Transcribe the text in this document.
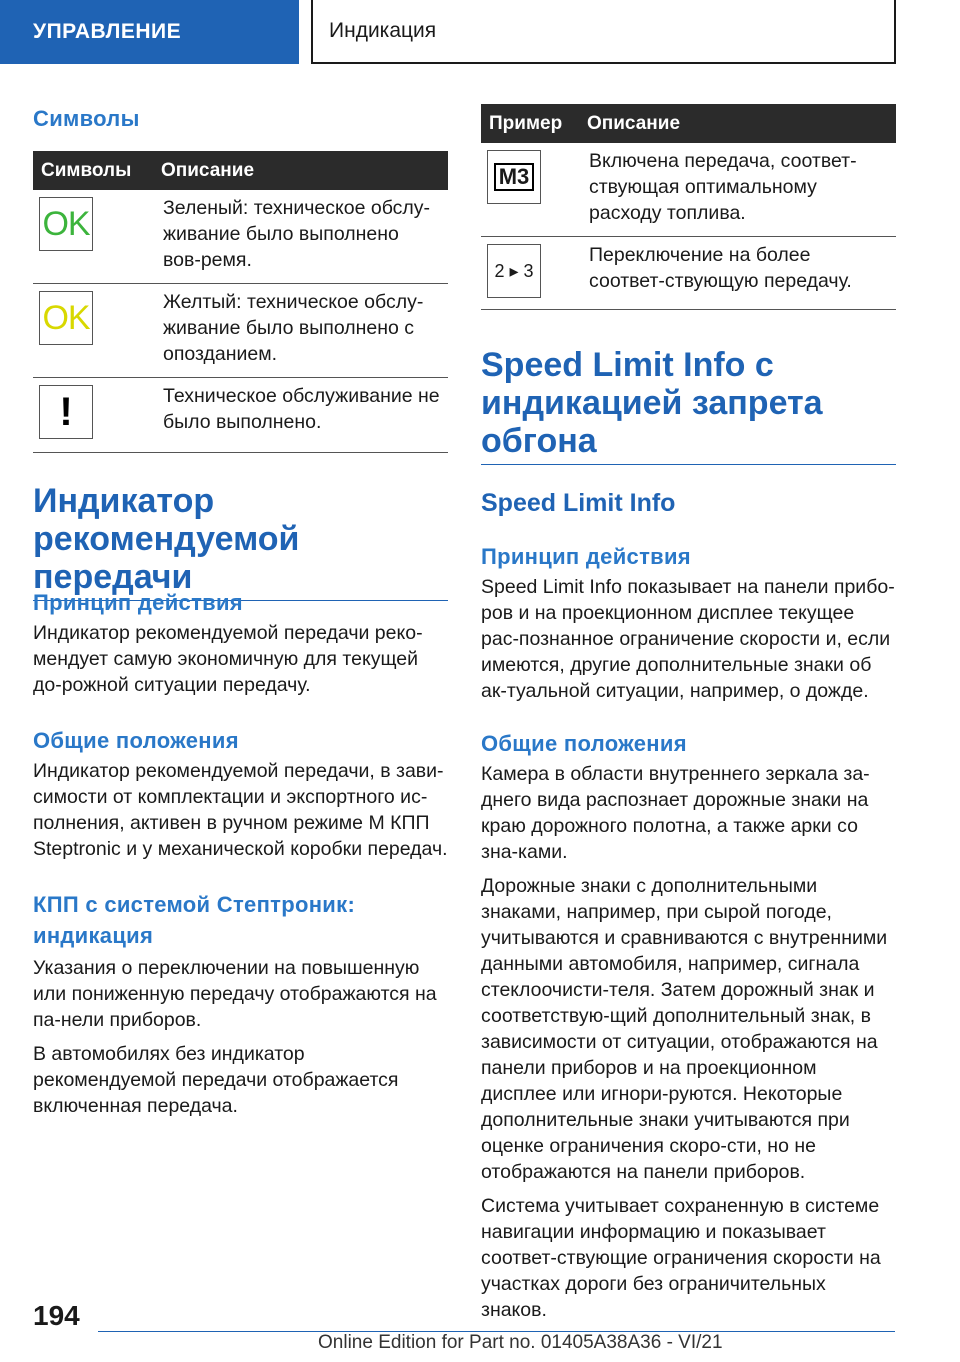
УПРАВЛЕНИЕ	Индикация
Символы
Символы	Описание

OK	Зеленый: техническое обслу-живание было выполнено вов-ремя.

OK	Желтый: техническое обслу-живание было выполнено с опозданием.

!	Техническое обслуживание не было выполнено.
Индикатор рекомендуемой передачи
Принцип действия

Индикатор рекомендуемой передачи реко-мендует самую экономичную для текущей до-рожной ситуации передачу.

Общие положения

Индикатор рекомендуемой передачи, в зави-симости от комплектации и экспортного ис-полнения, активен в ручном режиме М КПП Steptronic и у механической коробки передач.

КПП с системой Стептроник: индикация

Указания о переключении на повышенную или пониженную передачу отображаются на па-нели приборов.

В автомобилях без индикатор рекомендуемой передачи отображается включенная передача.

Пример	Описание

M3	Включена передача, соответ-ствующая оптимальному расходу топлива.

2 ▸ 3	Переключение на более соответ-ствующую передачу.
Speed Limit Info с индикацией запрета обгона
Speed Limit Info
Принцип действия

Speed Limit Info показывает на панели прибо-ров и на проекционном дисплее текущее рас-познанное ограничение скорости и, если имеются, другие дополнительные знаки об ак-туальной ситуации, например, о дожде.

Общие положения

Камера в области внутреннего зеркала за-днего вида распознает дорожные знаки на краю дорожного полотна, а также арки со зна-ками.

Дорожные знаки с дополнительными знаками, например, при сырой погоде, учитываются и сравниваются с внутренними данными автомобиля, например, сигнала стеклоочисти-теля. Затем дорожный знак и соответствую-щий дополнительный знак, в зависимости от ситуации, отображаются на панели приборов и на проекционном дисплее или игнори-руются. Некоторые дополнительные знаки учитываются при оценке ограничения скоро-сти, но не отображаются на панели приборов.

Система учитывает сохраненную в системе навигации информацию и показывает соответ-ствующие ограничения скорости на участках дороги без ограничительных знаков.

194
Online Edition for Part no. 01405A38A36 - VI/21
